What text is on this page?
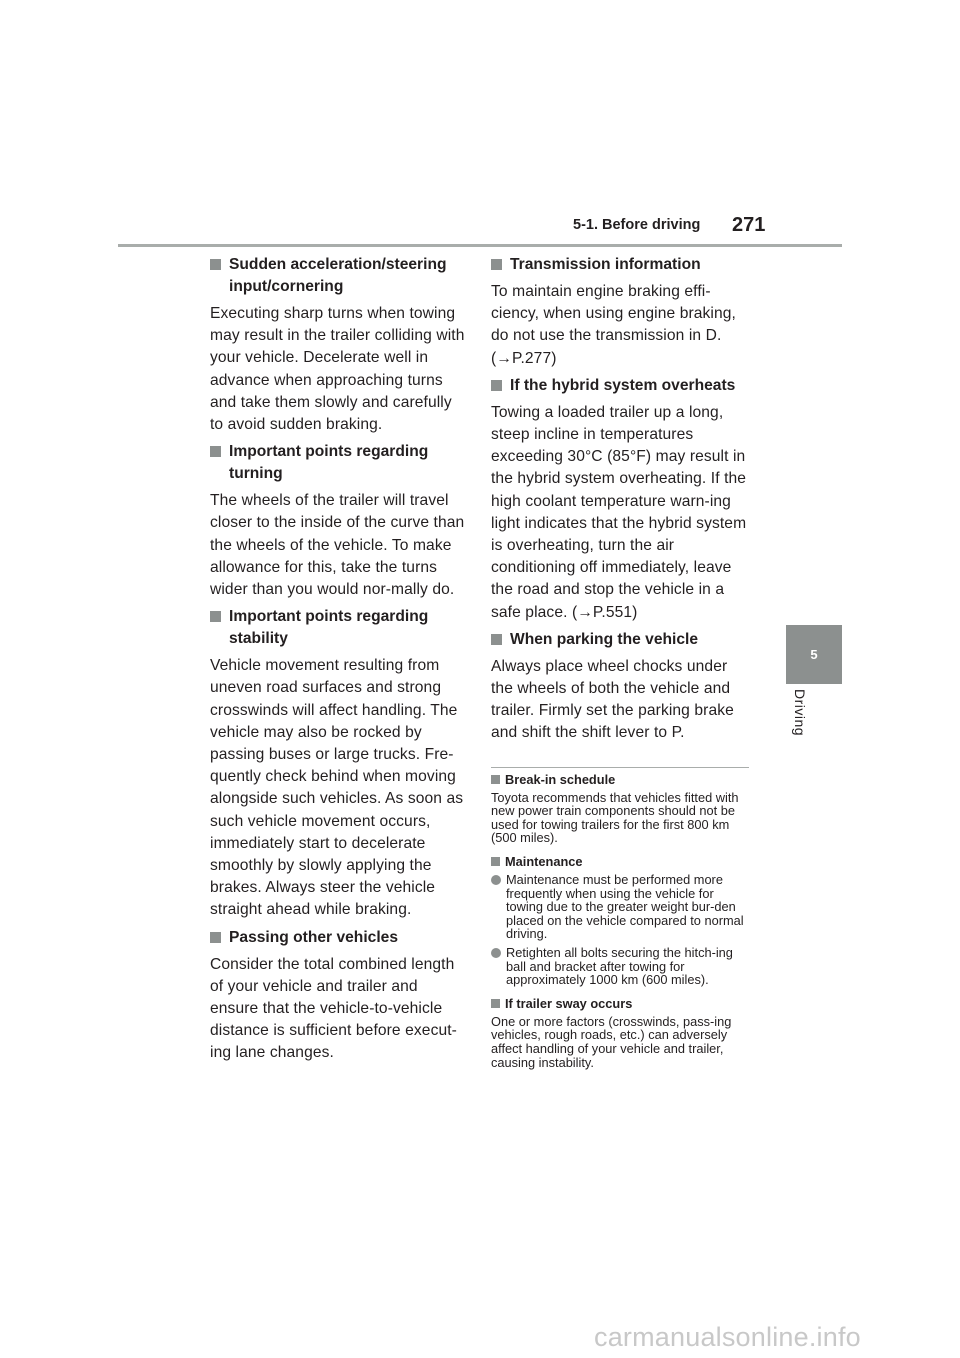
5-1. Before driving 271
5
Driving
Sudden acceleration/steering input/cornering

Executing sharp turns when towing may result in the trailer colliding with your vehicle. Decelerate well in advance when approaching turns and take them slowly and carefully to avoid sudden braking.

Important points regarding turning

The wheels of the trailer will travel closer to the inside of the curve than the wheels of the vehicle. To make allowance for this, take the turns wider than you would nor-mally do.

Important points regarding stability

Vehicle movement resulting from uneven road surfaces and strong crosswinds will affect handling. The vehicle may also be rocked by passing buses or large trucks. Fre-quently check behind when moving alongside such vehicles. As soon as such vehicle movement occurs, immediately start to decelerate smoothly by slowly applying the brakes. Always steer the vehicle straight ahead while braking.

Passing other vehicles

Consider the total combined length of your vehicle and trailer and ensure that the vehicle-to-vehicle distance is sufficient before execut-ing lane changes.

Transmission information

To maintain engine braking effi-ciency, when using engine braking, do not use the transmission in D. (→P.277)

If the hybrid system overheats

Towing a loaded trailer up a long, steep incline in temperatures exceeding 30°C (85°F) may result in the hybrid system overheating. If the high coolant temperature warn-ing light indicates that the hybrid system is overheating, turn the air conditioning off immediately, leave the road and stop the vehicle in a safe place. (→P.551)

When parking the vehicle

Always place wheel chocks under the wheels of both the vehicle and trailer. Firmly set the parking brake and shift the shift lever to P.

Break-in schedule

Toyota recommends that vehicles fitted with new power train components should not be used for towing trailers for the first 800 km (500 miles).

Maintenance
Maintenance must be performed more frequently when using the vehicle for towing due to the greater weight bur-den placed on the vehicle compared to normal driving.
Retighten all bolts securing the hitch-ing ball and bracket after towing for approximately 1000 km (600 miles).
If trailer sway occurs

One or more factors (crosswinds, pass-ing vehicles, rough roads, etc.) can adversely affect handling of your vehicle and trailer, causing instability.

carmanualsonline.info
